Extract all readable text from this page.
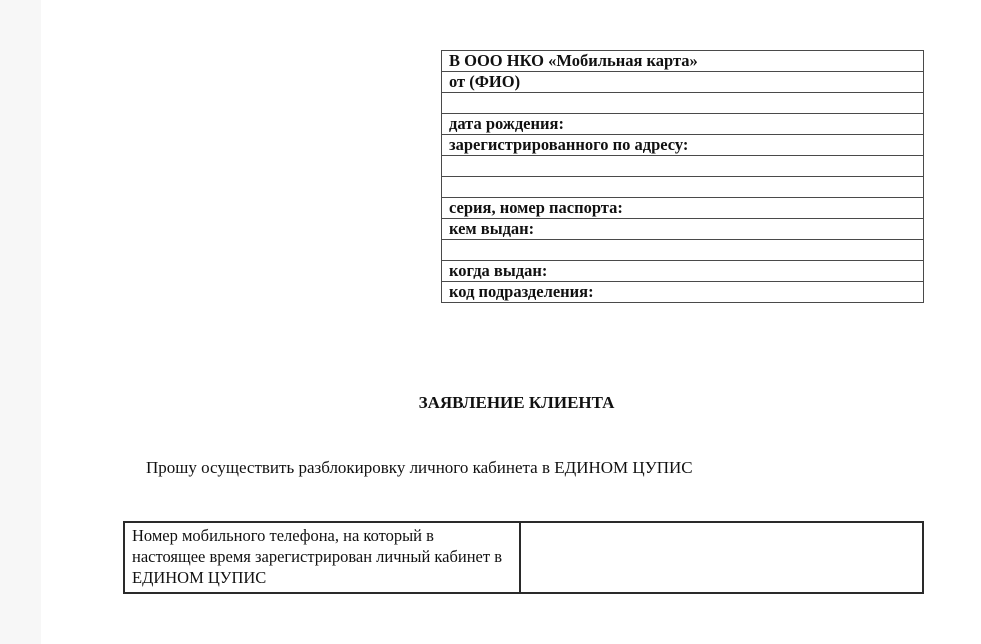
В ООО НКО «Мобильная карта»
от (ФИО)

дата рождения:
зарегистрированного по адресу:

серия, номер паспорта:
кем выдан:

когда выдан:
код подразделения:
ЗАЯВЛЕНИЕ КЛИЕНТА

Прошу осуществить разблокировку личного кабинета в ЕДИНОМ ЦУПИС

Номер мобильного телефона, на который в настоящее время зарегистрирован личный кабинет в ЕДИНОМ ЦУПИС	
